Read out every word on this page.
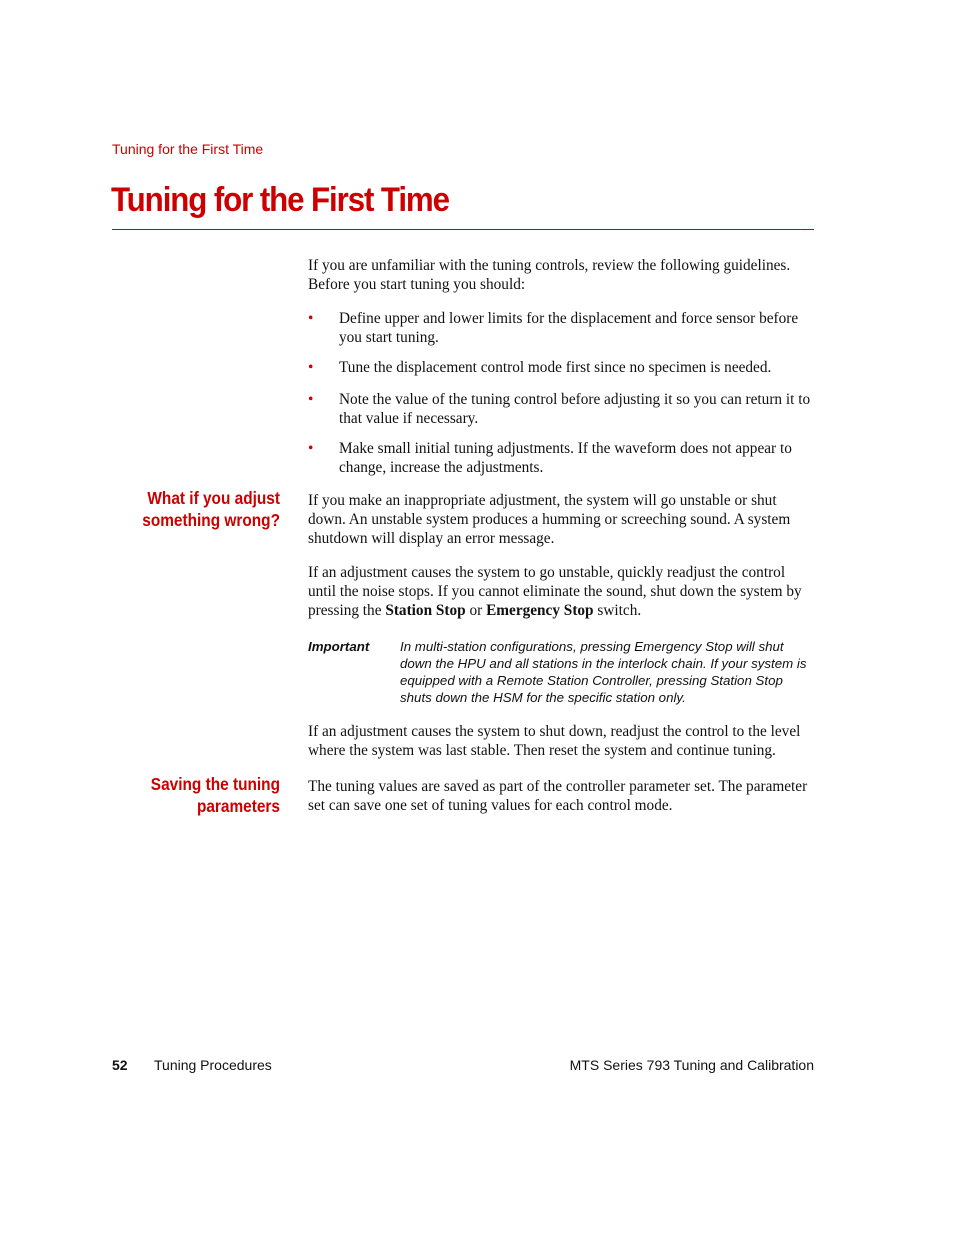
Tuning for the First Time

Tuning for the First Time

If you are unfamiliar with the tuning controls, review the following guidelines. Before you start tuning you should:

• Define upper and lower limits for the displacement and force sensor before you start tuning.
• Tune the displacement control mode first since no specimen is needed.
• Note the value of the tuning control before adjusting it so you can return it to that value if necessary.
• Make small initial tuning adjustments. If the waveform does not appear to change, increase the adjustments.
What if you adjust
something wrong?

If you make an inappropriate adjustment, the system will go unstable or shut down. An unstable system produces a humming or screeching sound. A system shutdown will display an error message.

If an adjustment causes the system to go unstable, quickly readjust the control until the noise stops. If you cannot eliminate the sound, shut down the system by pressing the Station Stop or Emergency Stop switch.

Important In multi-station configurations, pressing Emergency Stop will shut down the HPU and all stations in the interlock chain. If your system is equipped with a Remote Station Controller, pressing Station Stop shuts down the HSM for the specific station only.

If an adjustment causes the system to shut down, readjust the control to the level where the system was last stable. Then reset the system and continue tuning.

Saving the tuning
parameters

The tuning values are saved as part of the controller parameter set. The parameter set can save one set of tuning values for each control mode.

52 Tuning Procedures	MTS Series 793 Tuning and Calibration
